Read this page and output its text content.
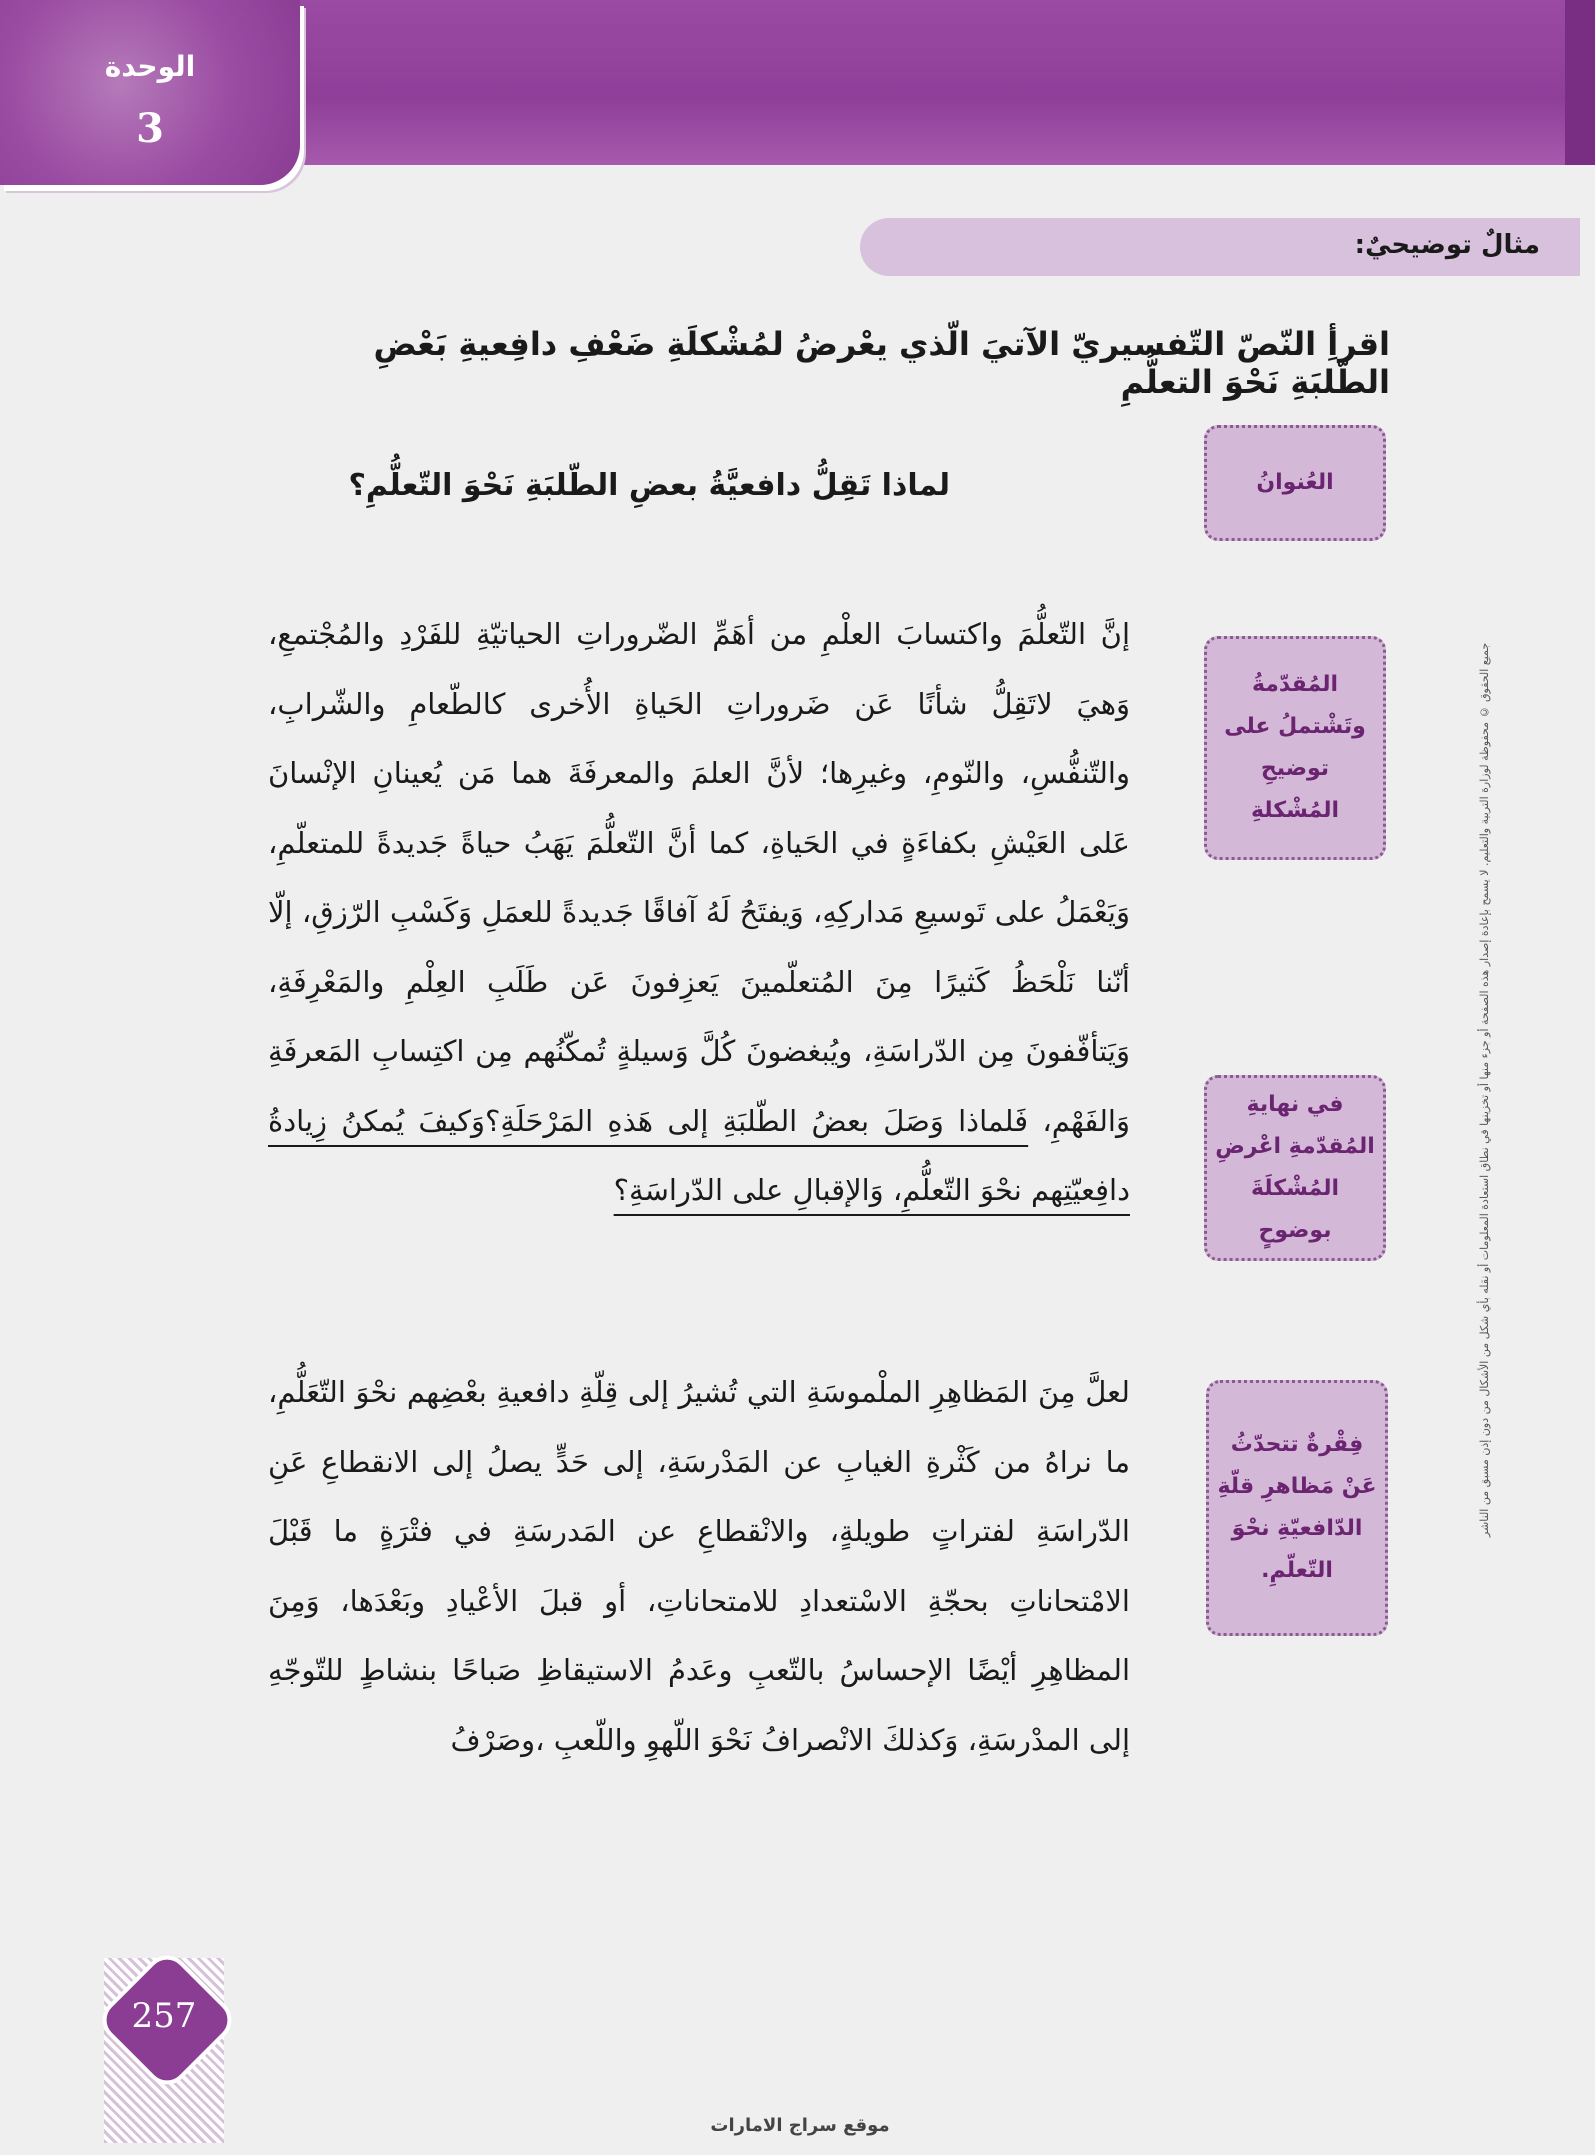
الوحدة
3
مثالٌ توضيحيٌ:
اقرأِ النّصّ التّفسيريّ الآتيَ الّذي يعْرضُ لمُشْكلَةِ ضَعْفِ دافِعيةِ بَعْضِ الطّلبَةِ نَحْوَ التعلُّمِ
العُنوانُ
المُقدّمةُ وتَشْتملُ على توضيحِ المُشْكلةِ
في نهايةِ المُقدّمةِ اعْرضِ المُشْكلَةَ بوضوحٍ
فِقْرةٌ تتحدّثُ عَنْ مَظاهرِ قلّةِ الدّافعيّةِ نحْوَ التّعلّمِ.
لماذا تَقِلُّ دافعيَّةُ بعضِ الطّلبَةِ نَحْوَ التّعلُّمِ؟
إنَّ التّعلُّمَ واكتسابَ العلْمِ من أهَمِّ الضّروراتِ الحياتيّةِ للفَرْدِ والمُجْتمعِ، وَهيَ لاتَقِلُّ شأنًا عَن ضَروراتِ الحَياةِ الأُخرى كالطّعامِ والشّرابِ، والتّنفُّسِ، والنّومِ، وغيرِها؛ لأنَّ العلمَ والمعرفَةَ هما مَن يُعينانِ الإنْسانَ عَلى العَيْشِ بكفاءَةٍ في الحَياةِ، كما أنَّ التّعلُّمَ يَهَبُ حياةً جَديدةً للمتعلّمِ، وَيَعْمَلُ على تَوسيعِ مَداركِهِ، وَيفتَحُ لَهُ آفاقًا جَديدةً للعمَلِ وَكَسْبِ الرّزقِ، إلّا أنّنا نَلْحَظُ كَثيرًا مِنَ المُتعلّمينَ يَعزِفونَ عَن طَلَبِ العِلْمِ والمَعْرِفَةِ، وَيَتأفّفونَ مِن الدّراسَةِ، ويُبغضونَ كُلَّ وَسيلةٍ تُمكّنُهم مِن اكتِسابِ المَعرفَةِ وَالفَهْمِ، فَلماذا وَصَلَ بعضُ الطّلبَةِ إلى هَذهِ المَرْحَلَةِ؟وَكيفَ يُمكنُ زِيادةُ دافِعيّتِهم نحْوَ التّعلُّمِ، وَالإقبالِ على الدّراسَةِ؟
لعلَّ مِنَ المَظاهِرِ الملْموسَةِ التي تُشيرُ إلى قِلّةِ دافعيةِ بعْضِهم نحْوَ التّعَلُّمِ، ما نراهُ من كَثْرةِ الغيابِ عن المَدْرسَةِ، إلى حَدٍّ يصلُ إلى الانقطاعِ عَنِ الدّراسَةِ لفتراتٍ طويلةٍ، والانْقطاعِ عن المَدرسَةِ في فتْرَةٍ ما قَبْلَ الامْتحاناتِ بحجّةِ الاسْتعدادِ للامتحاناتِ، أو قبلَ الأعْيادِ وبَعْدَها، وَمِنَ المظاهِرِ أيْضًا الإحساسُ بالتّعبِ وعَدمُ الاستيقاظِ صَباحًا بنشاطٍ للتّوجّهِ إلى المدْرسَةِ، وَكذلكَ الانْصرافُ نَحْوَ اللّهوِ واللّعبِ ،وصَرْفُ
جميع الحقوق © محفوظة لوزارة التربية والتعليم. لا يسمح بإعادة إصدار هذه الصفحة أو جزء منها أو تخزينها في نطاق استعادة المعلومات أو نقله بأي شكل من الأشكال من دون إذن مسبق من الناشر
257
موقع سراج الامارات
